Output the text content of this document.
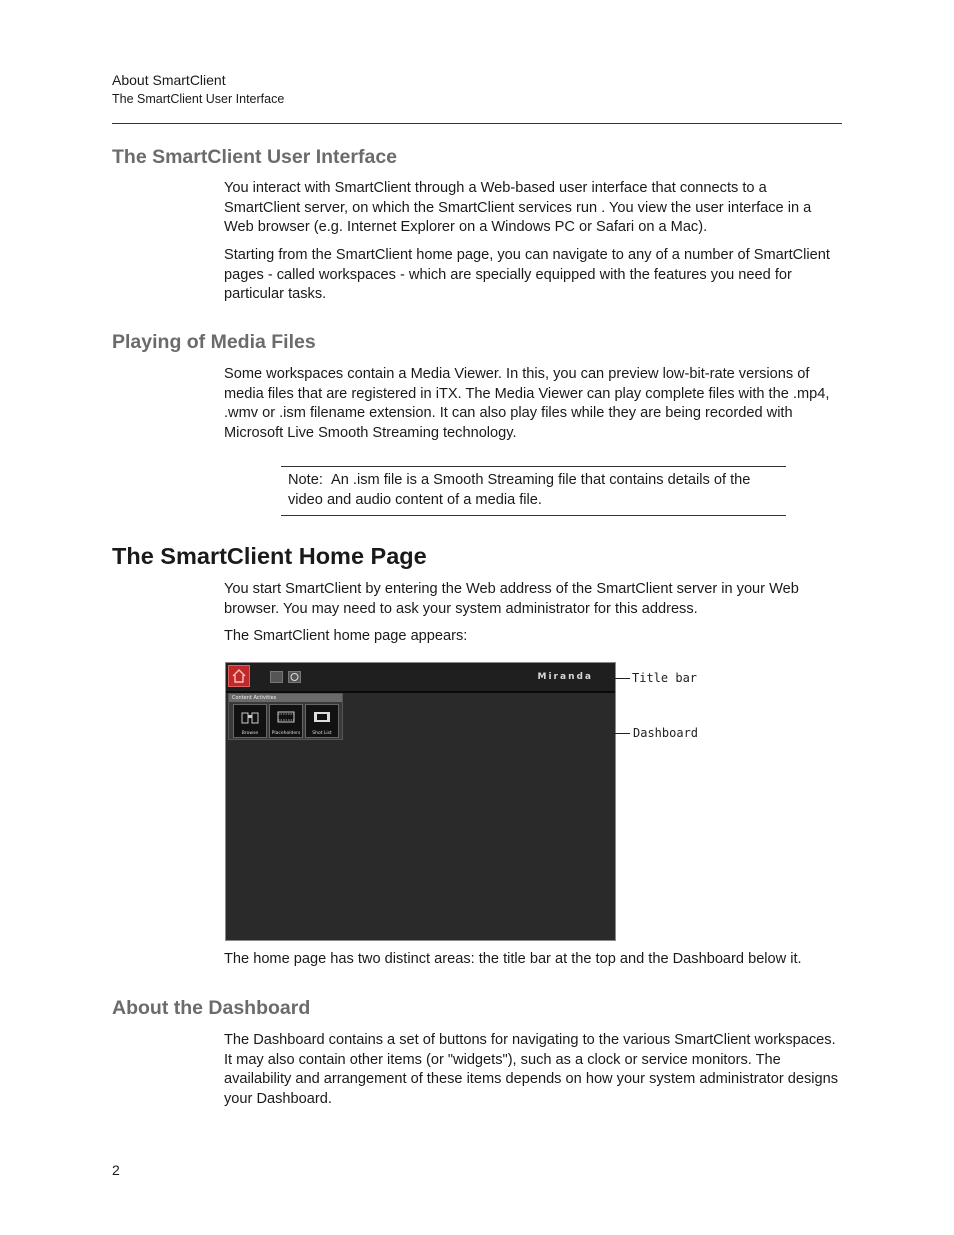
About SmartClient
The SmartClient User Interface
The SmartClient User Interface
You interact with SmartClient through a Web-based user interface that connects to a SmartClient server, on which the SmartClient services run . You view the user interface in a Web browser (e.g. Internet Explorer on a Windows PC or Safari on a Mac).
Starting from the SmartClient home page, you can navigate to any of a number of SmartClient pages - called workspaces - which are specially equipped with the features you need for particular tasks.
Playing of Media Files
Some workspaces contain a Media Viewer. In this, you can preview low-bit-rate versions of media files that are registered in iTX. The Media Viewer can play complete files with the .mp4, .wmv or .ism filename extension. It can also play files while they are being recorded with Microsoft Live Smooth Streaming technology.
Note:  An .ism file is a Smooth Streaming file that contains details of the video and audio content of a media file.
The SmartClient Home Page
You start SmartClient by entering the Web address of the SmartClient server in your Web browser. You may need to ask your system administrator for this address.
The SmartClient home page appears:
Miranda
Content Activities
Browse	Placeholders	Shot List
Title bar
Dashboard
The home page has two distinct areas: the title bar at the top and the Dashboard below it.
About the Dashboard
The Dashboard contains a set of buttons for navigating to the various SmartClient workspaces. It may also contain other items (or "widgets"), such as a clock or service monitors. The availability and arrangement of these items depends on how your system administrator designs your Dashboard.
2
